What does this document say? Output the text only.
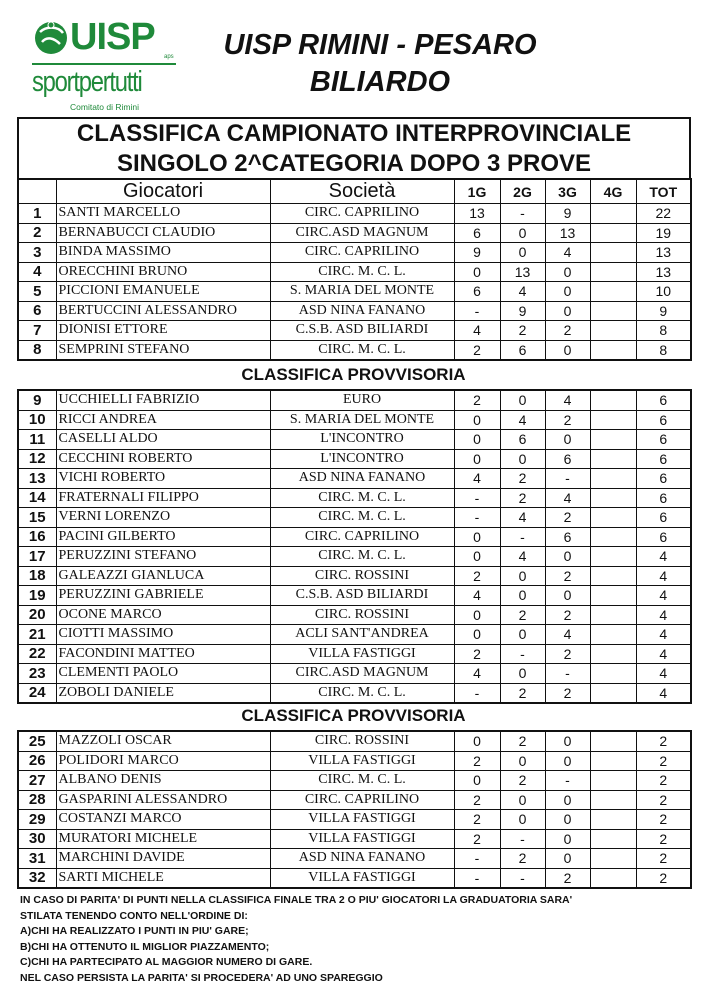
UISP aps
sportpertutti
Comitato di Rimini
UISP RIMINI - PESARO
BILIARDO
CLASSIFICA CAMPIONATO INTERPROVINCIALE
SINGOLO 2^CATEGORIA DOPO 3 PROVE
	Giocatori	Società	1G	2G	3G	4G	TOT
1	SANTI MARCELLO	CIRC. CAPRILINO	13	-	9		22
2	BERNABUCCI CLAUDIO	CIRC.ASD MAGNUM	6	0	13		19
3	BINDA MASSIMO	CIRC. CAPRILINO	9	0	4		13
4	ORECCHINI BRUNO	CIRC. M. C. L.	0	13	0		13
5	PICCIONI EMANUELE	S. MARIA DEL MONTE	6	4	0		10
6	BERTUCCINI ALESSANDRO	ASD NINA FANANO	-	9	0		9
7	DIONISI ETTORE	C.S.B. ASD BILIARDI	4	2	2		8
8	SEMPRINI STEFANO	CIRC. M. C. L.	2	6	0		8
CLASSIFICA PROVVISORIA
9	UCCHIELLI FABRIZIO	EURO	2	0	4		6
10	RICCI ANDREA	S. MARIA DEL MONTE	0	4	2		6
11	CASELLI ALDO	L'INCONTRO	0	6	0		6
12	CECCHINI ROBERTO	L'INCONTRO	0	0	6		6
13	VICHI ROBERTO	ASD NINA FANANO	4	2	-		6
14	FRATERNALI FILIPPO	CIRC. M. C. L.	-	2	4		6
15	VERNI LORENZO	CIRC. M. C. L.	-	4	2		6
16	PACINI GILBERTO	CIRC. CAPRILINO	0	-	6		6
17	PERUZZINI STEFANO	CIRC. M. C. L.	0	4	0		4
18	GALEAZZI GIANLUCA	CIRC. ROSSINI	2	0	2		4
19	PERUZZINI GABRIELE	C.S.B. ASD BILIARDI	4	0	0		4
20	OCONE MARCO	CIRC. ROSSINI	0	2	2		4
21	CIOTTI MASSIMO	ACLI SANT'ANDREA	0	0	4		4
22	FACONDINI MATTEO	VILLA FASTIGGI	2	-	2		4
23	CLEMENTI PAOLO	CIRC.ASD MAGNUM	4	0	-		4
24	ZOBOLI DANIELE	CIRC. M. C. L.	-	2	2		4
CLASSIFICA PROVVISORIA
25	MAZZOLI OSCAR	CIRC. ROSSINI	0	2	0		2
26	POLIDORI MARCO	VILLA FASTIGGI	2	0	0		2
27	ALBANO DENIS	CIRC. M. C. L.	0	2	-		2
28	GASPARINI ALESSANDRO	CIRC. CAPRILINO	2	0	0		2
29	COSTANZI MARCO	VILLA FASTIGGI	2	0	0		2
30	MURATORI MICHELE	VILLA FASTIGGI	2	-	0		2
31	MARCHINI DAVIDE	ASD NINA FANANO	-	2	0		2
32	SARTI MICHELE	VILLA FASTIGGI	-	-	2		2
IN CASO DI PARITA' DI PUNTI NELLA CLASSIFICA FINALE TRA 2 O PIU' GIOCATORI LA GRADUATORIA SARA'
STILATA TENENDO CONTO NELL'ORDINE DI:
A)CHI HA REALIZZATO I PUNTI IN PIU' GARE;
B)CHI HA OTTENUTO IL MIGLIOR PIAZZAMENTO;
C)CHI HA PARTECIPATO AL MAGGIOR NUMERO DI GARE.
NEL CASO PERSISTA LA PARITA' SI PROCEDERA' AD UNO SPAREGGIO
